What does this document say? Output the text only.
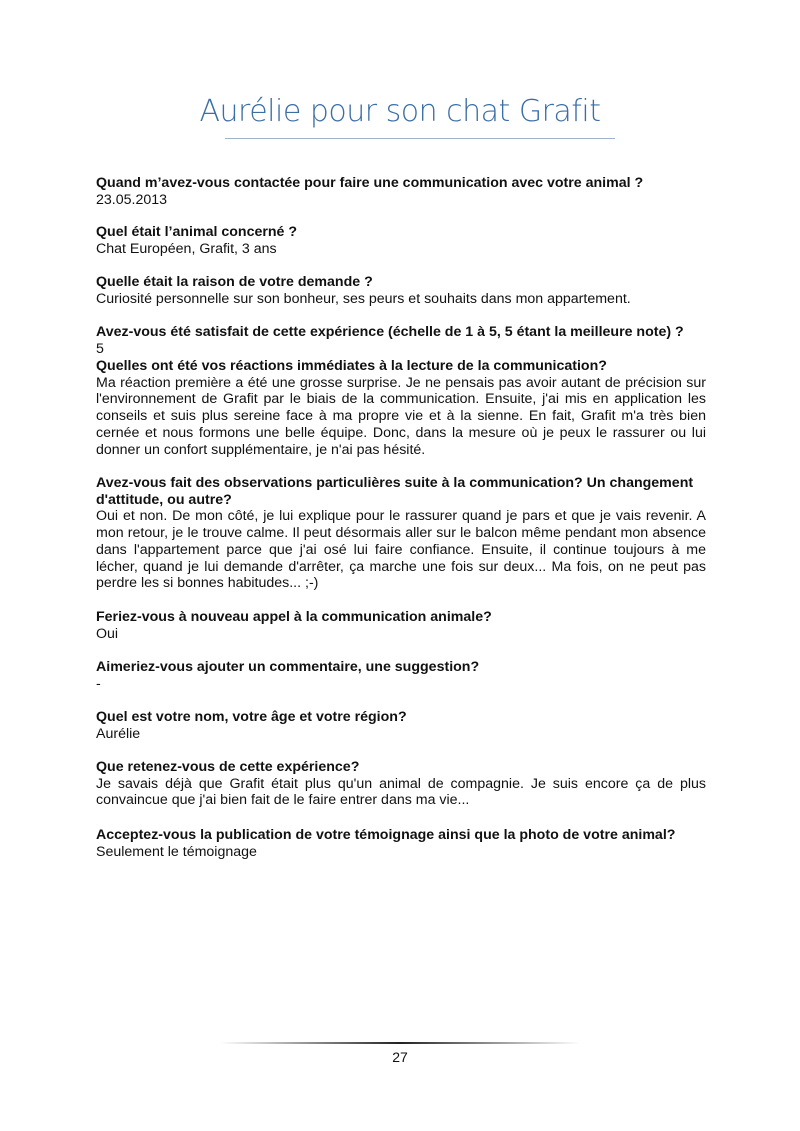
Aurélie pour son chat Grafit
Quand m’avez-vous contactée pour faire une communication avec votre animal ?
23.05.2013
Quel était l’animal concerné ?
Chat Européen, Grafit, 3 ans
Quelle était la raison de votre demande ?
Curiosité personnelle sur son bonheur, ses peurs et souhaits dans mon appartement.
Avez-vous été satisfait de cette expérience (échelle de 1 à 5, 5 étant la meilleure note) ?
5
Quelles ont été vos réactions immédiates à la lecture de la communication?
Ma réaction première a été une grosse surprise. Je ne pensais pas avoir autant de précision sur l'environnement de Grafit par le biais de la communication. Ensuite, j'ai mis en application les conseils et suis plus sereine face à ma propre vie et à la sienne. En fait, Grafit m'a très bien cernée et nous formons une belle équipe. Donc, dans la mesure où je peux le rassurer ou lui donner un confort supplémentaire, je n'ai pas hésité.
Avez-vous fait des observations particulières suite à la communication? Un changement d'attitude, ou autre?
Oui et non. De mon côté, je lui explique pour le rassurer quand je pars et que je vais revenir. A mon retour, je le trouve calme. Il peut désormais aller sur le balcon même pendant mon absence dans l'appartement parce que j'ai osé lui faire confiance. Ensuite, il continue toujours à me lécher, quand je lui demande d'arrêter, ça marche une fois sur deux... Ma fois, on ne peut pas perdre les si bonnes habitudes... ;-)
Feriez-vous à nouveau appel à la communication animale?
Oui
Aimeriez-vous ajouter un commentaire, une suggestion?
-
Quel est votre nom, votre âge et votre région?
Aurélie
Que retenez-vous de cette expérience?
Je savais déjà que Grafit était plus qu'un animal de compagnie. Je suis encore ça de plus convaincue que j'ai bien fait de le faire entrer dans ma vie...
Acceptez-vous la publication de votre témoignage ainsi que la photo de votre animal?
Seulement le témoignage
27
